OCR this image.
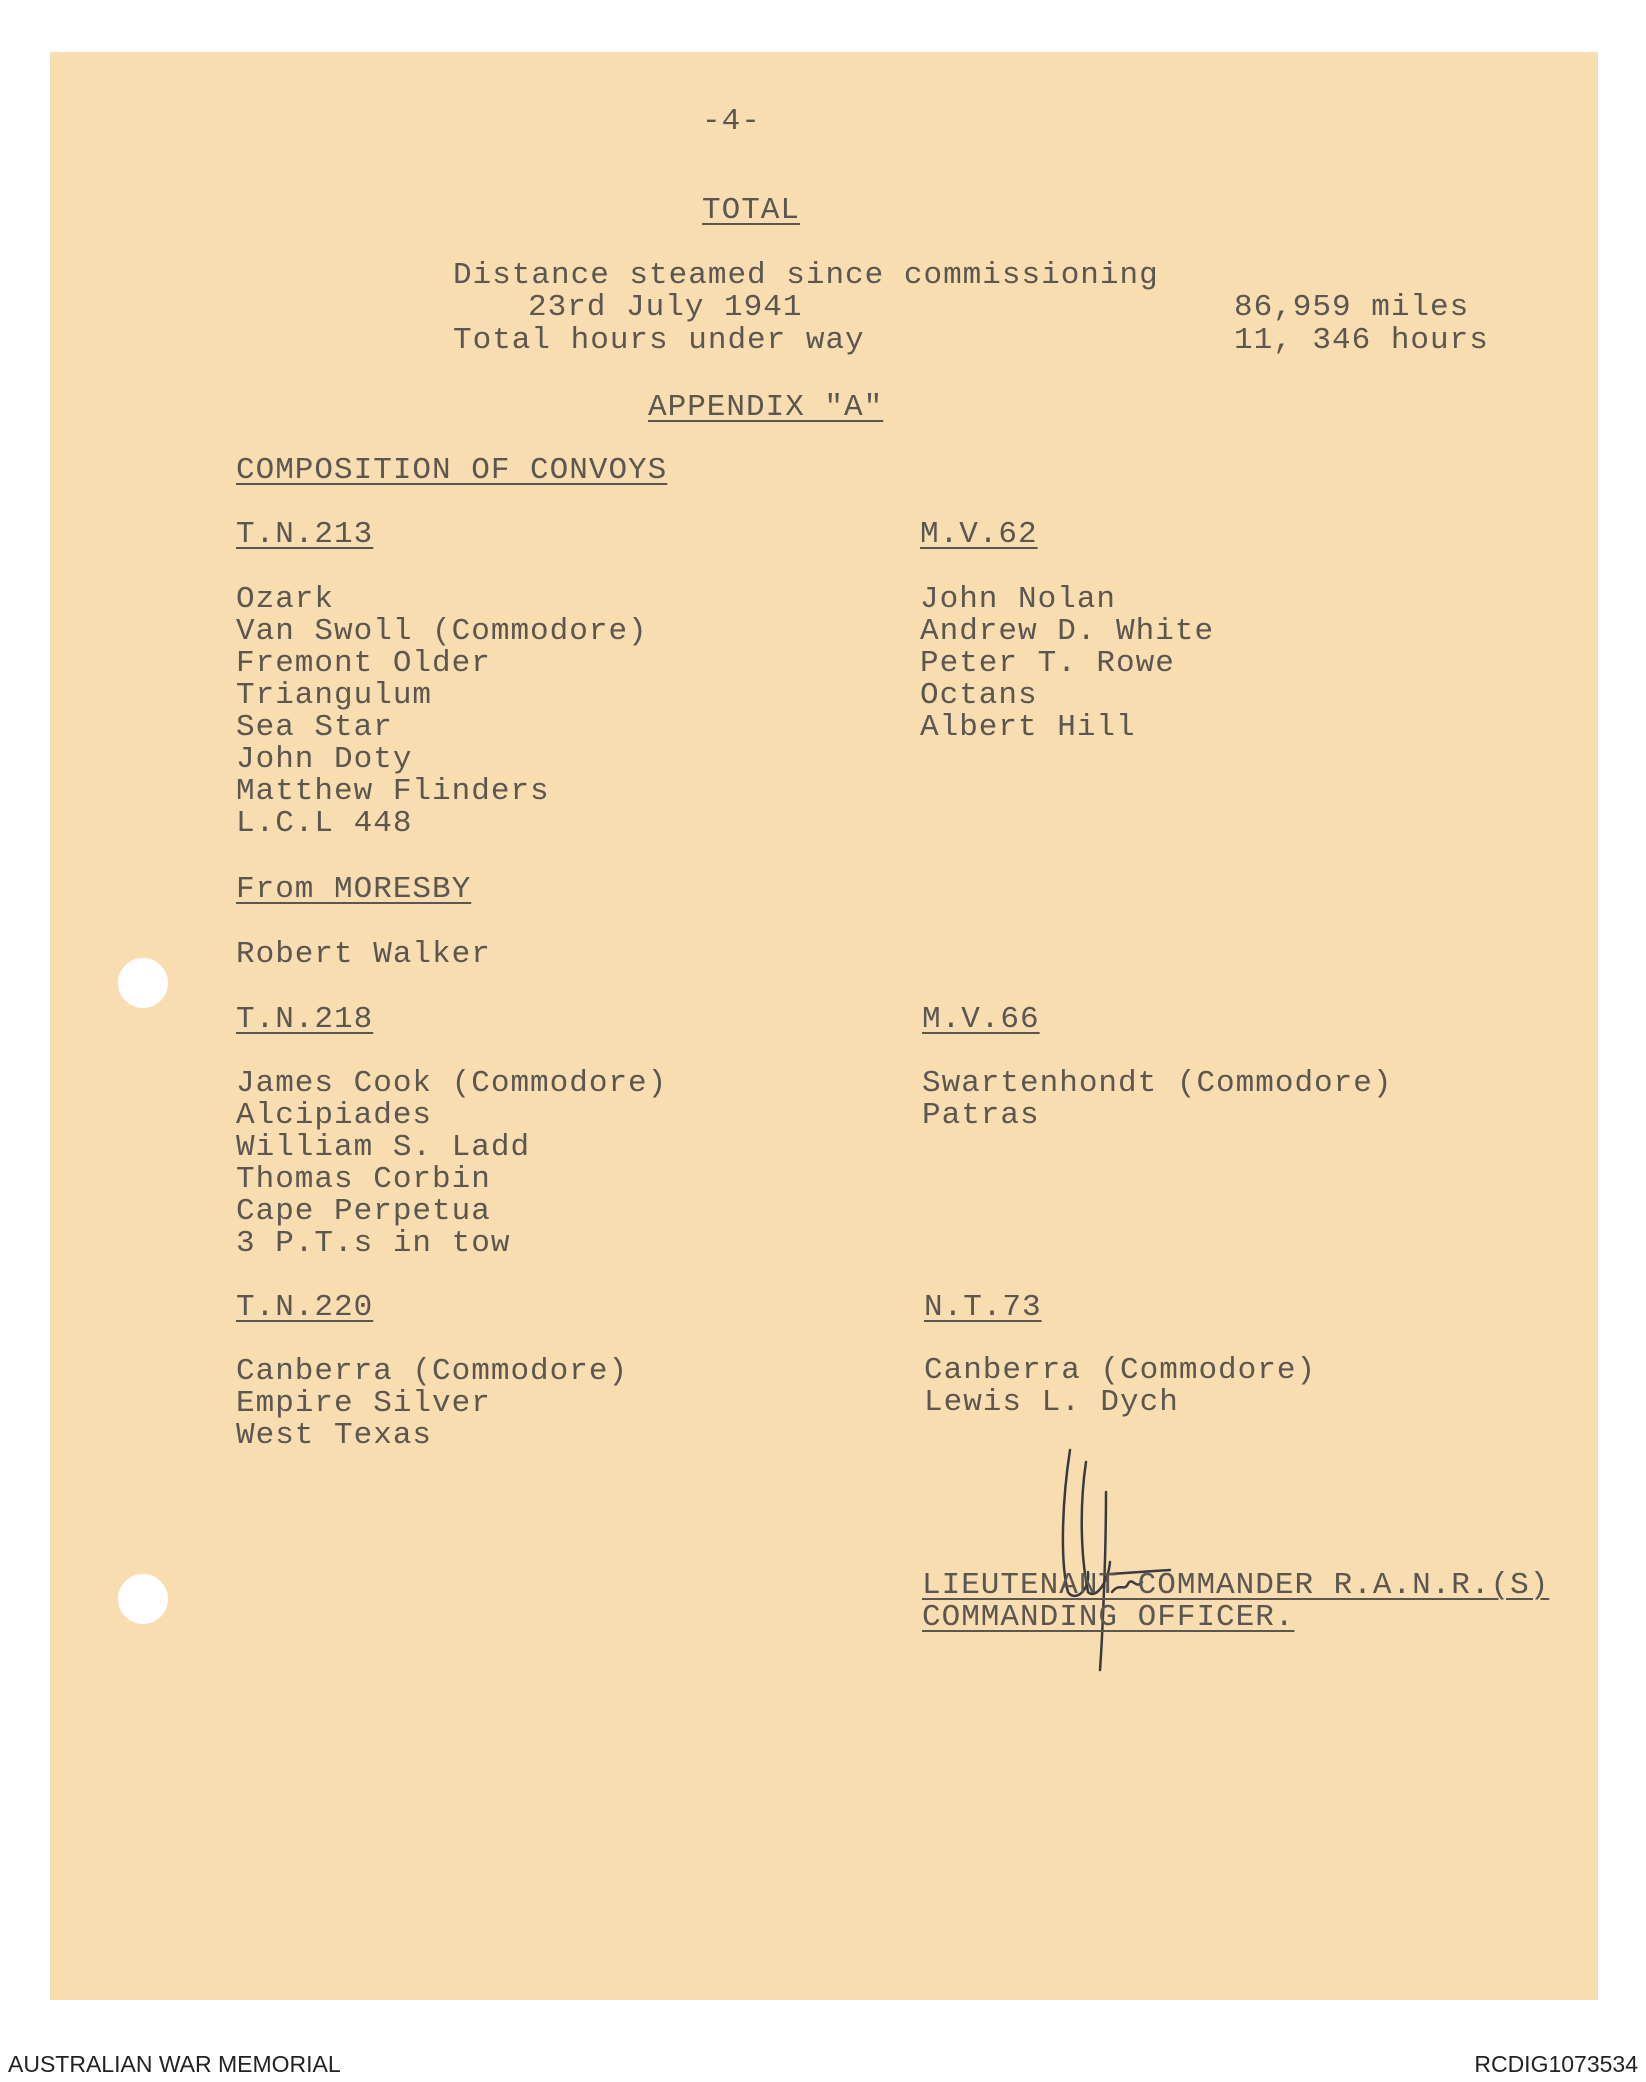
-4-
TOTAL
Distance steamed since commissioning
23rd July 1941
Total hours under way
86,959 miles
11, 346 hours
APPENDIX "A"
COMPOSITION OF CONVOYS
T.N.213
Ozark
Van Swoll (Commodore)
Fremont Older
Triangulum
Sea Star
John Doty
Matthew Flinders
L.C.L 448
M.V.62
John Nolan
Andrew D. White
Peter T. Rowe
Octans
Albert Hill
From MORESBY
Robert Walker
T.N.218
James Cook (Commodore)
Alcipiades
William S. Ladd
Thomas Corbin
Cape Perpetua
3 P.T.s in tow
M.V.66
Swartenhondt (Commodore)
Patras
T.N.220
Canberra (Commodore)
Empire Silver
West Texas
N.T.73
Canberra (Commodore)
Lewis L. Dych
LIEUTENANT COMMANDER R.A.N.R.(S)
COMMANDING OFFICER.
AUSTRALIAN WAR MEMORIAL	RCDIG1073534
